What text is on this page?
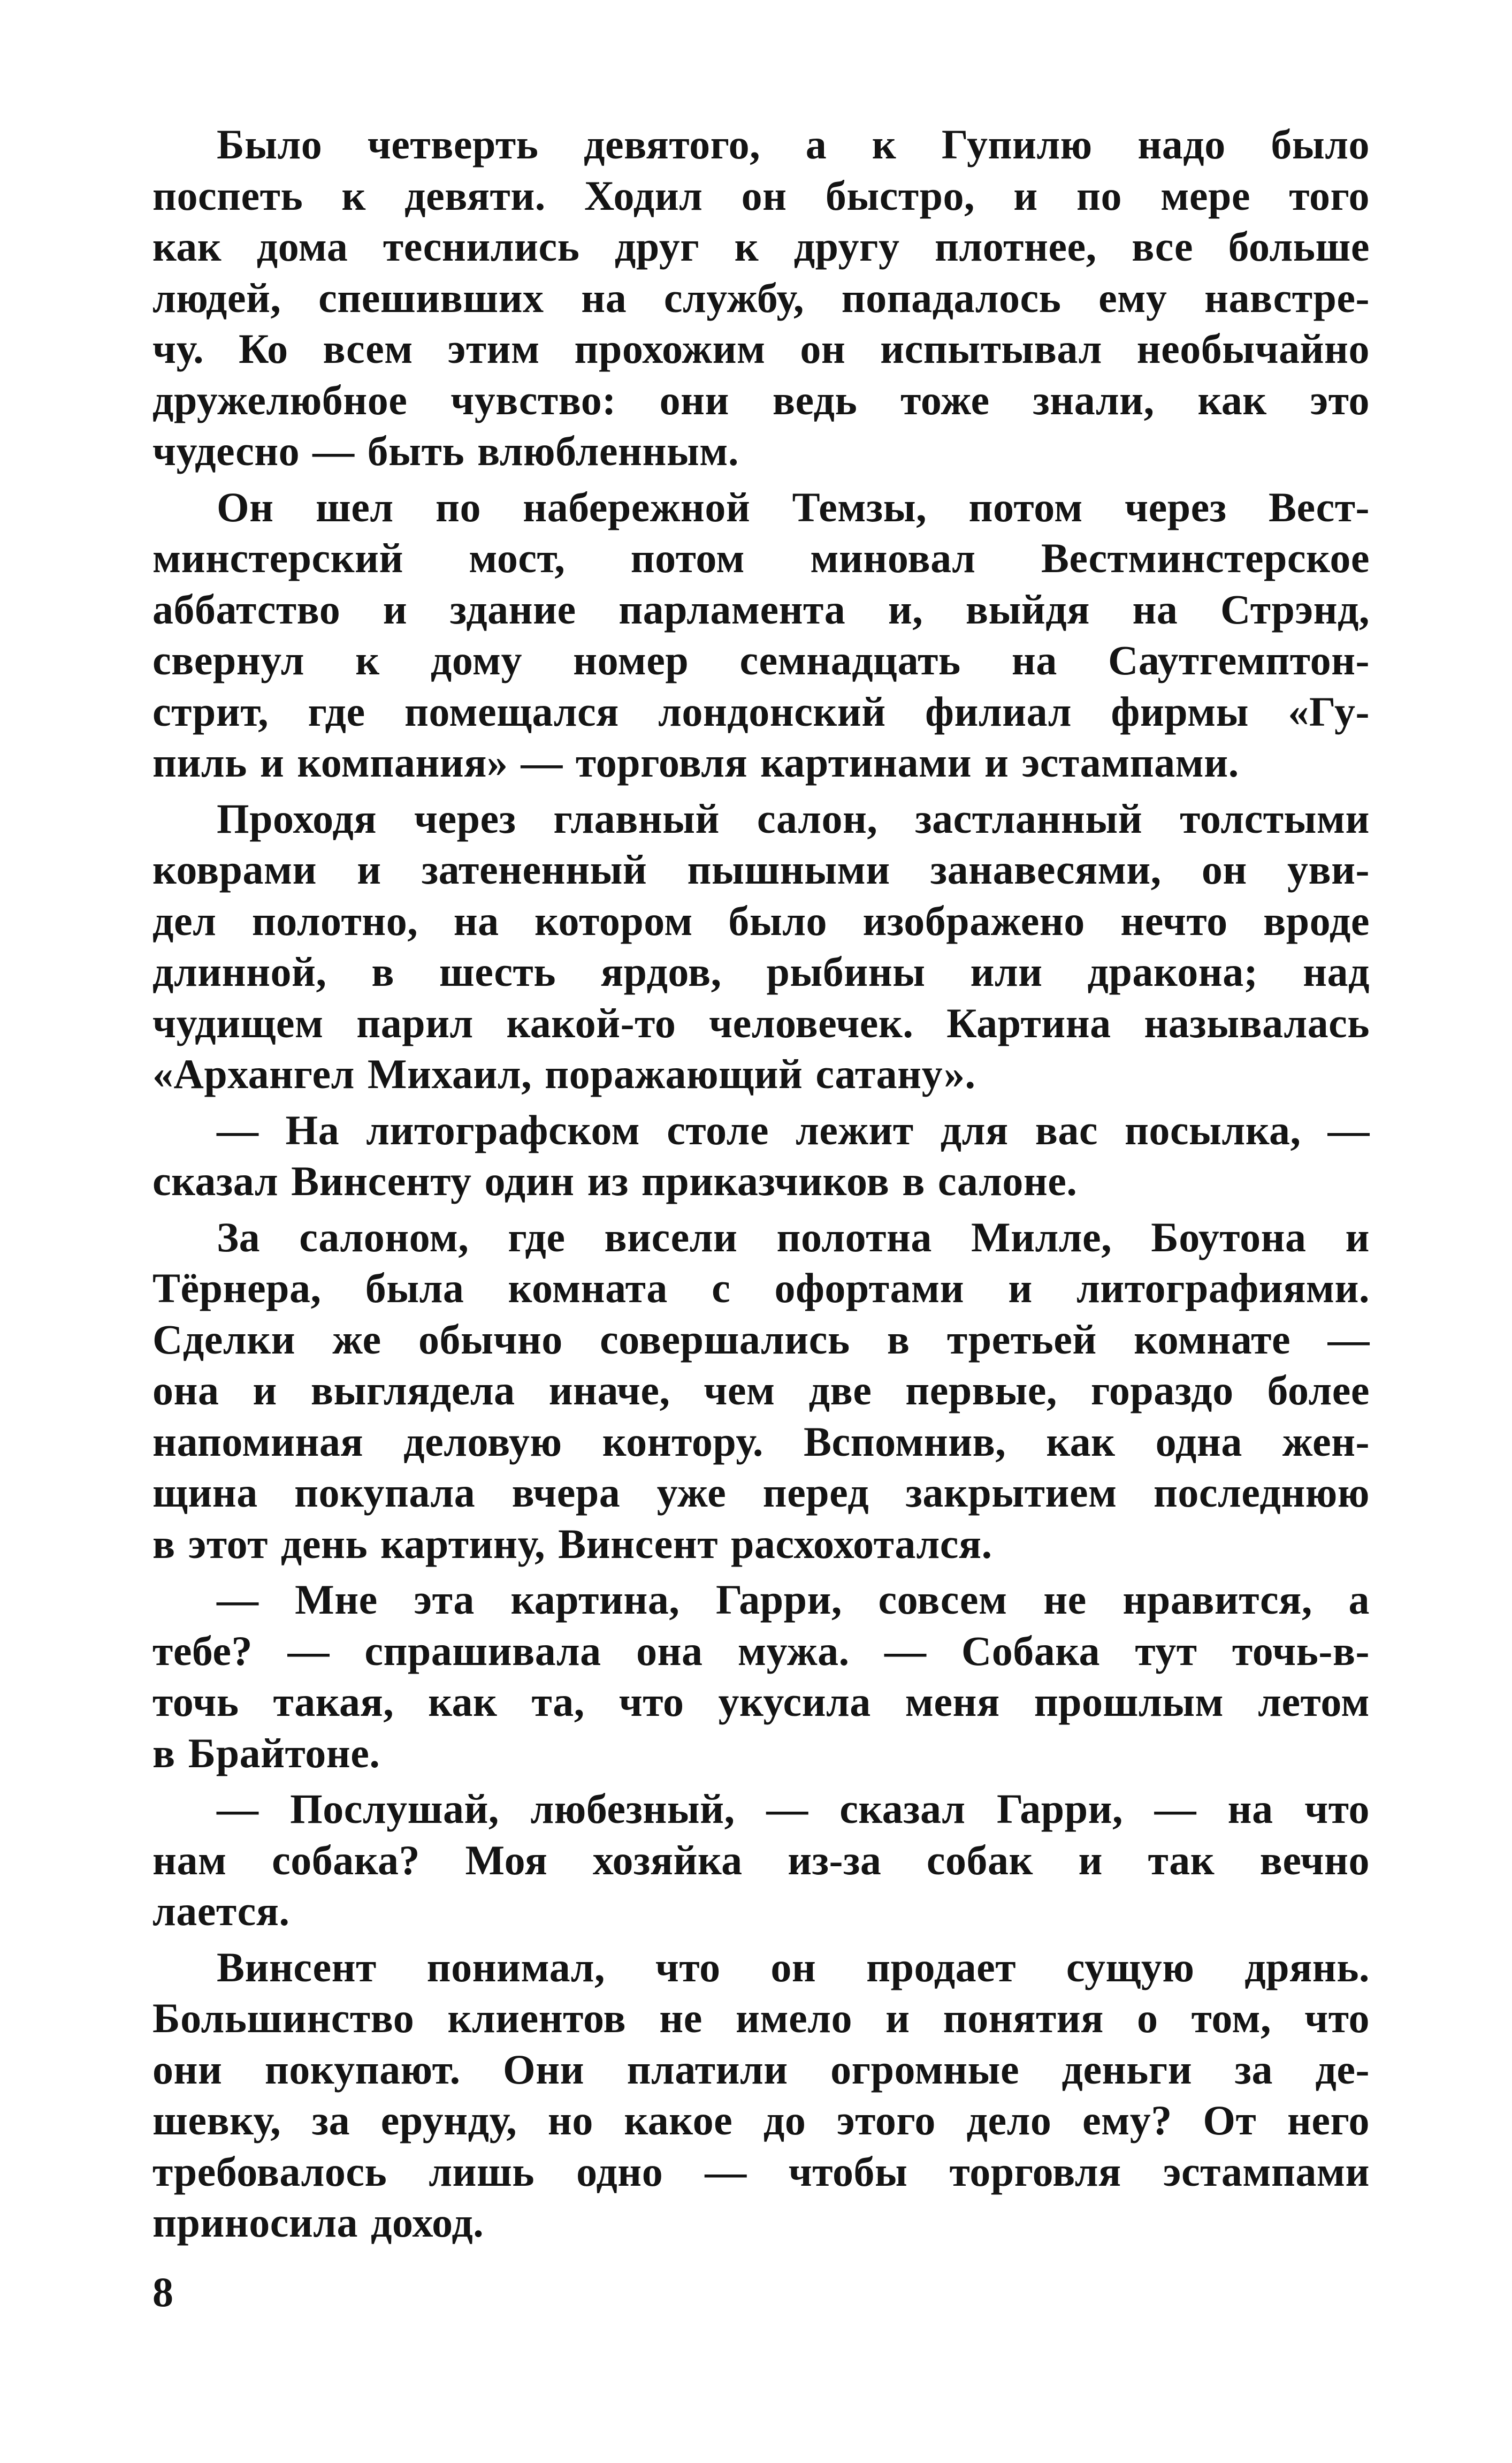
Было четверть девятого, а к Гупилю надо было
поспеть к девяти. Ходил он быстро, и по мере того
как дома теснились друг к другу плотнее, все больше
людей, спешивших на службу, попадалось ему навстре-
чу. Ко всем этим прохожим он испытывал необычайно
дружелюбное чувство: они ведь тоже знали, как это
чудесно — быть влюбленным.
Он шел по набережной Темзы, потом через Вест-
минстерский мост, потом миновал Вестминстерское
аббатство и здание парламента и, выйдя на Стрэнд,
свернул к дому номер семнадцать на Саутгемптон-
стрит, где помещался лондонский филиал фирмы «Гу-
пиль и компания» — торговля картинами и эстампами.
Проходя через главный салон, застланный толстыми
коврами и затененный пышными занавесями, он уви-
дел полотно, на котором было изображено нечто вроде
длинной, в шесть ярдов, рыбины или дракона; над
чудищем парил какой-то человечек. Картина называлась
«Архангел Михаил, поражающий сатану».
— На литографском столе лежит для вас посылка, —
сказал Винсенту один из приказчиков в салоне.
За салоном, где висели полотна Милле, Боутона и
Тёрнера, была комната с офортами и литографиями.
Сделки же обычно совершались в третьей комнате —
она и выглядела иначе, чем две первые, гораздо более
напоминая деловую контору. Вспомнив, как одна жен-
щина покупала вчера уже перед закрытием последнюю
в этот день картину, Винсент расхохотался.
— Мне эта картина, Гарри, совсем не нравится, а
тебе? — спрашивала она мужа. — Собака тут точь-в-
точь такая, как та, что укусила меня прошлым летом
в Брайтоне.
— Послушай, любезный, — сказал Гарри, — на что
нам собака? Моя хозяйка из-за собак и так вечно
лается.
Винсент понимал, что он продает сущую дрянь.
Большинство клиентов не имело и понятия о том, что
они покупают. Они платили огромные деньги за де-
шевку, за ерунду, но какое до этого дело ему? От него
требовалось лишь одно — чтобы торговля эстампами
приносила доход.
8
